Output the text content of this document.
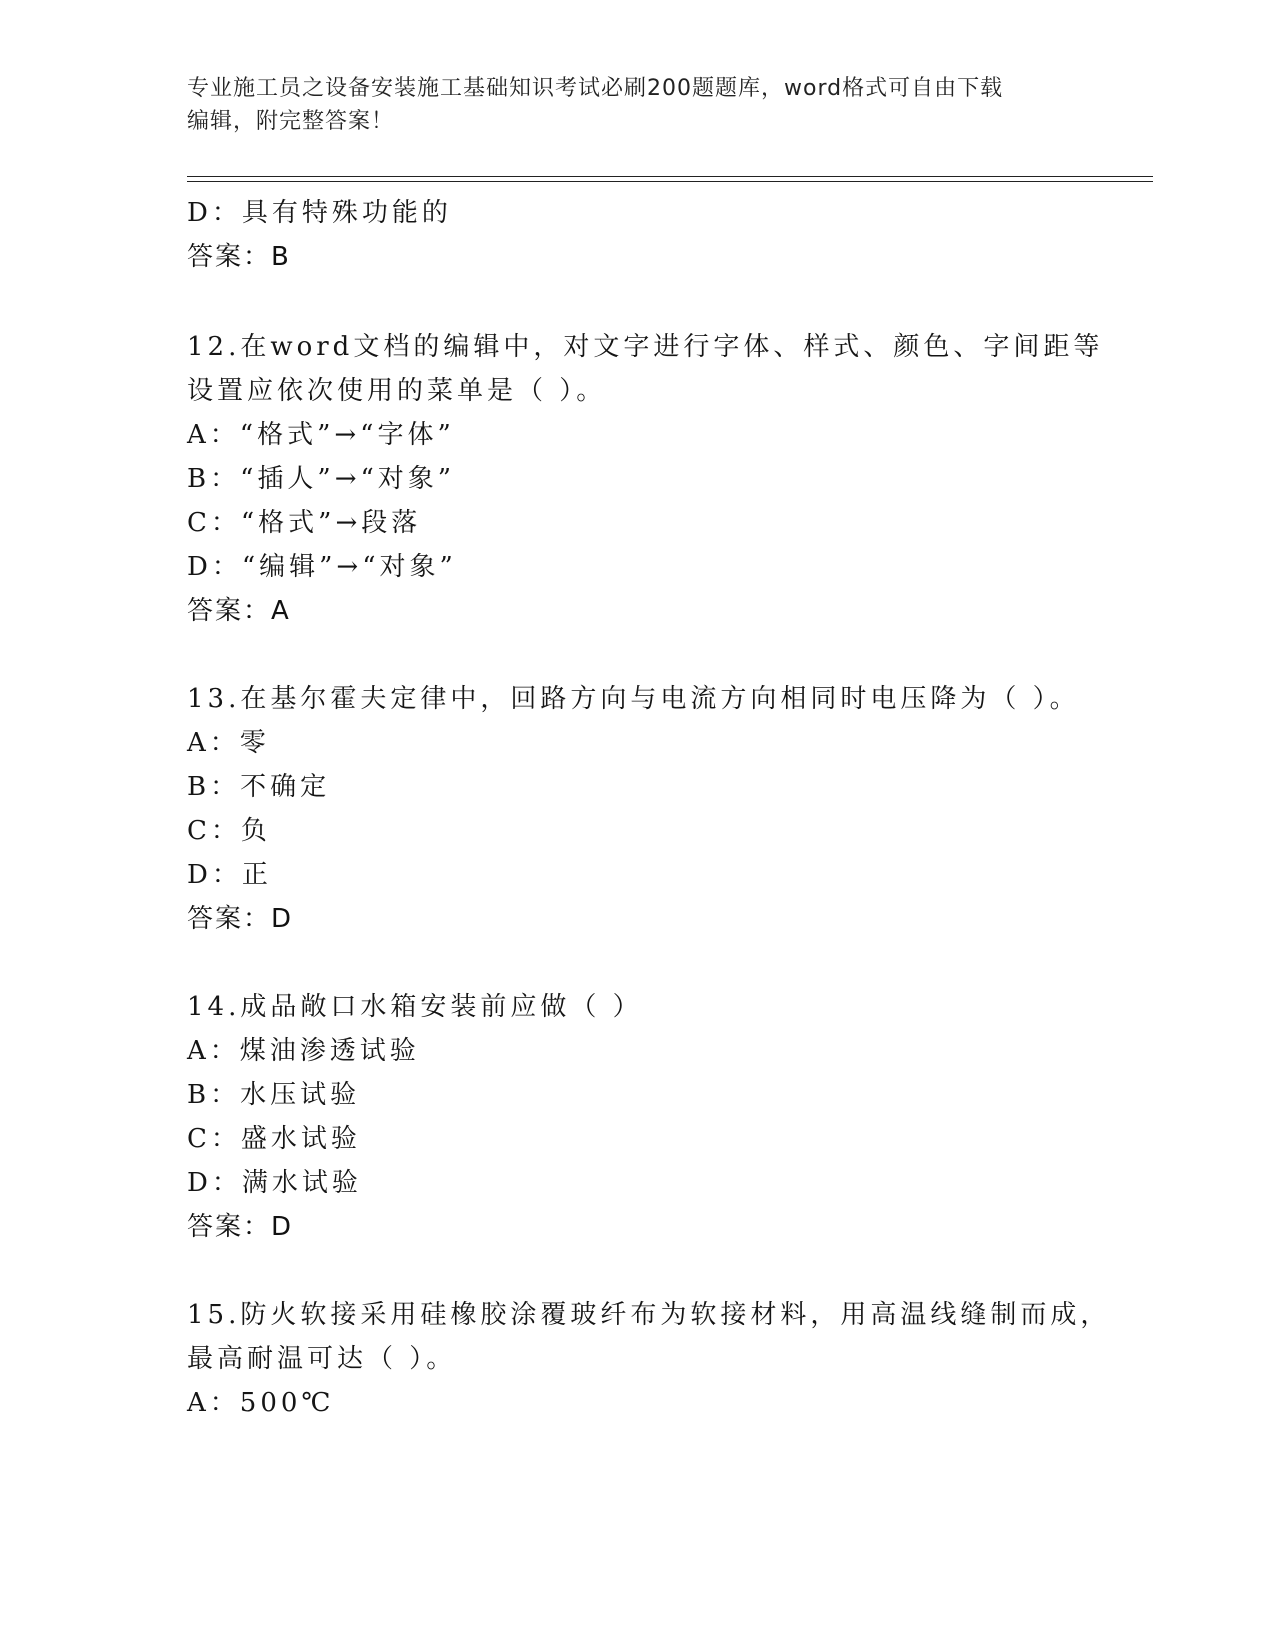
专业施工员之设备安装施工基础知识考试必刷200题题库，word格式可自由下载
编辑，附完整答案！
D：具有特殊功能的
答案：B
12.在word文档的编辑中，对文字进行字体、样式、颜色、字间距等
设置应依次使用的菜单是（ ）。
A：“格式”→“字体”
B：“插人”→“对象”
C：“格式”→段落
D：“编辑”→“对象”
答案：A
13.在基尔霍夫定律中，回路方向与电流方向相同时电压降为（ ）。
A：零
B：不确定
C：负
D：正
答案：D
14.成品敞口水箱安装前应做（ ）
A：煤油渗透试验
B：水压试验
C：盛水试验
D：满水试验
答案：D
15.防火软接采用硅橡胶涂覆玻纤布为软接材料，用高温线缝制而成，
最高耐温可达（ ）。
A：500℃
